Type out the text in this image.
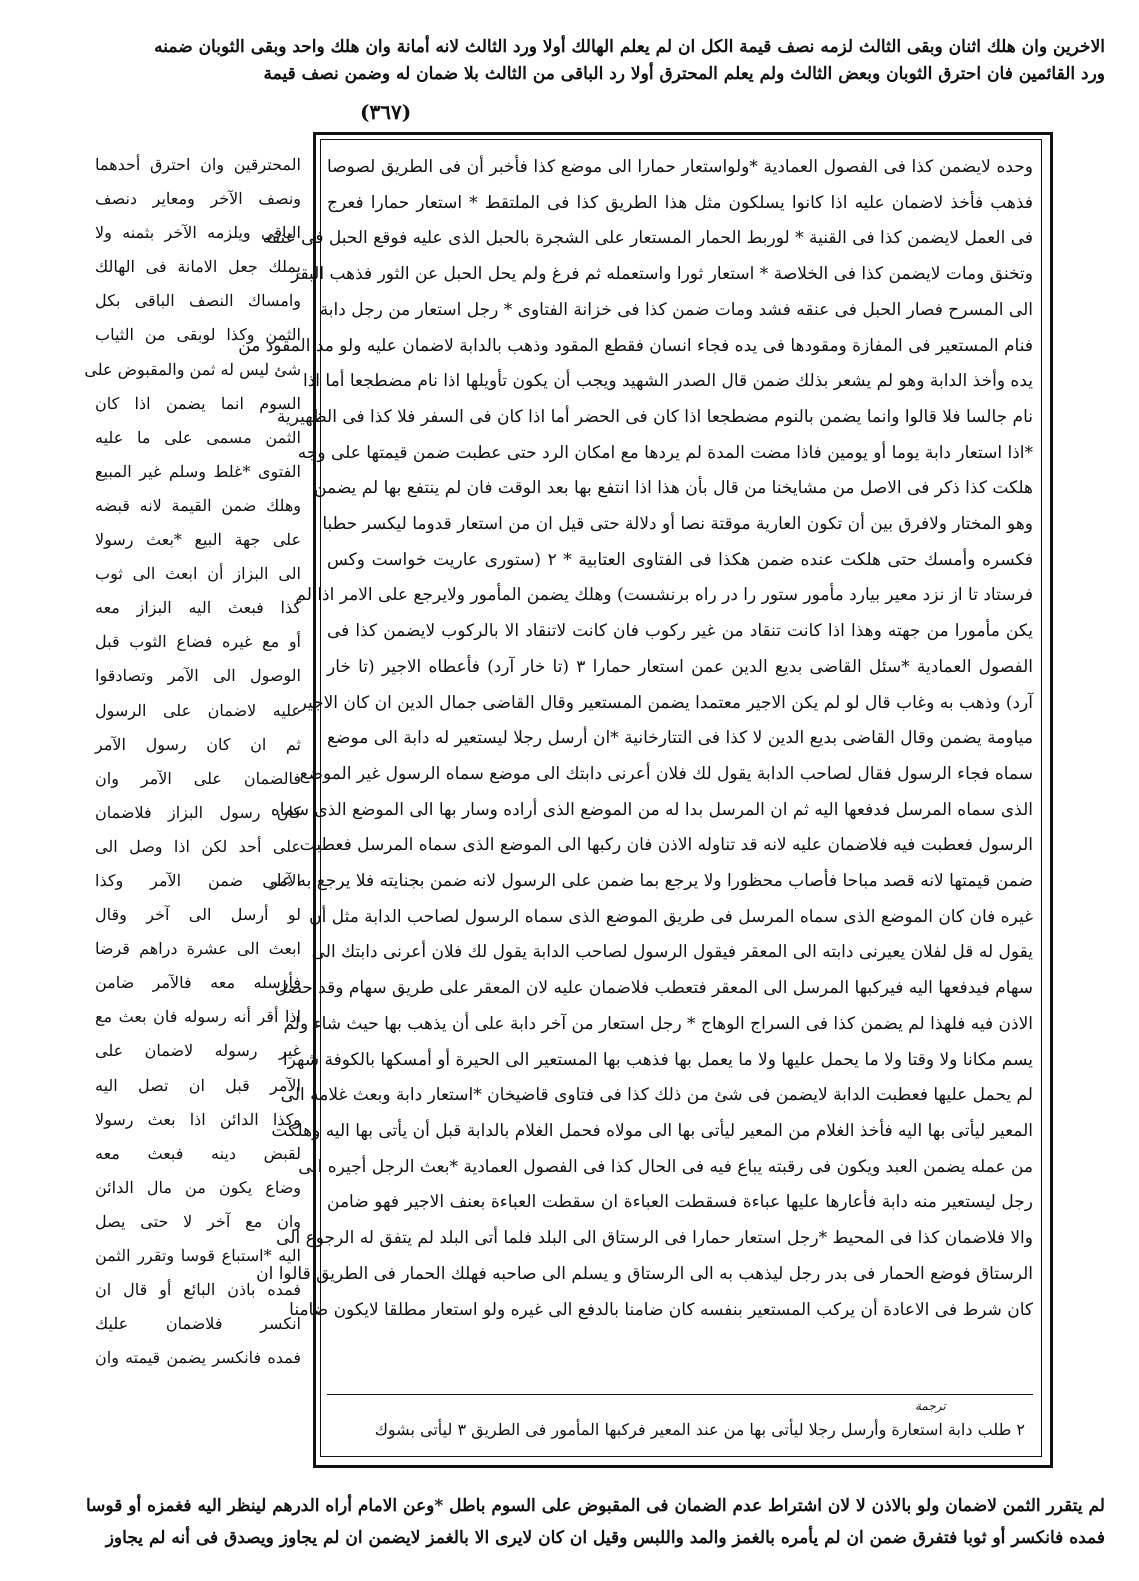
الاخرين وان هلك اثنان وبقى الثالث لزمه نصف قيمة الكل ان لم يعلم الهالك أولا ورد الثالث لانه أمانة وان هلك واحد وبقى الثوبان ضمنه
ورد القائمين فان احترق الثوبان وبعض الثالث ولم يعلم المحترق أولا رد الباقى من الثالث بلا ضمان له وضمن نصف قيمة
(٣٦٧)
وحده لايضمن كذا فى الفصول العمادية *ولواستعار حمارا الى موضع كذا فأخبر أن فى الطريق لصوصا
فذهب فأخذ لاضمان عليه اذا كانوا يسلكون مثل هذا الطريق كذا فى الملتقط * استعار حمارا فعرج
فى العمل لايضمن كذا فى القنية * لوربط الحمار المستعار على الشجرة بالحبل الذى عليه فوقع الحبل فى عنقه
وتخنق ومات لايضمن كذا فى الخلاصة * استعار ثورا واستعمله ثم فرغ ولم يحل الحبل عن الثور فذهب البقر
الى المسرح فصار الحبل فى عنقه فشد ومات ضمن كذا فى خزانة الفتاوى * رجل استعار من رجل دابة
فنام المستعير فى المفازة ومقودها فى يده فجاء انسان فقطع المقود وذهب بالدابة لاضمان عليه ولو مد المقود من
يده وأخذ الدابة وهو لم يشعر بذلك ضمن قال الصدر الشهيد ويجب أن يكون تأويلها اذا نام مضطجعا أما اذا
نام جالسا فلا قالوا وانما يضمن بالنوم مضطجعا اذا كان فى الحضر أما اذا كان فى السفر فلا كذا فى الظهيرية
*اذا استعار دابة يوما أو يومين فاذا مضت المدة لم يردها مع امكان الرد حتى عطبت ضمن قيمتها على وجه
هلكت كذا ذكر فى الاصل من مشايخنا من قال بأن هذا اذا انتفع بها بعد الوقت فان لم ينتفع بها لم يضمن
وهو المختار ولافرق بين أن تكون العارية موقتة نصا أو دلالة حتى قيل ان من استعار قدوما ليكسر حطبا
فكسره وأمسك حتى هلكت عنده ضمن هكذا فى الفتاوى العتابية * ٢ (ستورى عاريت خواست وكس
فرستاد تا از نزد معير بيارد مأمور ستور را در راه برنشست) وهلك يضمن المأمور ولايرجع على الامر اذا لم
يكن مأمورا من جهته وهذا اذا كانت تنقاد من غير ركوب فان كانت لاتنقاد الا بالركوب لايضمن كذا فى
الفصول العمادية *سئل القاضى بديع الدين عمن استعار حمارا ٣ (تا خار آرد) فأعطاه الاجير (تا خار
آرد) وذهب به وغاب قال لو لم يكن الاجير معتمدا يضمن المستعير وقال القاضى جمال الدين ان كان الاجير
مياومة يضمن وقال القاضى بديع الدين لا كذا فى التتارخانية *ان أرسل رجلا ليستعير له دابة الى موضع
سماه فجاء الرسول فقال لصاحب الدابة يقول لك فلان أعرنى دابتك الى موضع سماه الرسول غير الموضع
الذى سماه المرسل فدفعها اليه ثم ان المرسل بدا له من الموضع الذى أراده وسار بها الى الموضع الذى سماه
الرسول فعطبت فيه فلاضمان عليه لانه قد تناوله الاذن فان ركبها الى الموضع الذى سماه المرسل فعطبت
ضمن قيمتها لانه قصد مباحا فأصاب محظورا ولا يرجع بما ضمن على الرسول لانه ضمن بجنايته فلا يرجع به على
غيره فان كان الموضع الذى سماه المرسل فى طريق الموضع الذى سماه الرسول لصاحب الدابة مثل أن
يقول له قل لفلان يعيرنى دابته الى المعقر فيقول الرسول لصاحب الدابة يقول لك فلان أعرنى دابتك الى
سهام فيدفعها اليه فيركبها المرسل الى المعقر فتعطب فلاضمان عليه لان المعقر على طريق سهام وقد حصل
الاذن فيه فلهذا لم يضمن كذا فى السراج الوهاج * رجل استعار من آخر دابة على أن يذهب بها حيث شاء ولم
يسم مكانا ولا وقتا ولا ما يحمل عليها ولا ما يعمل بها فذهب بها المستعير الى الحيرة أو أمسكها بالكوفة شهرا
لم يحمل عليها فعطبت الدابة لايضمن فى شئ من ذلك كذا فى فتاوى قاضيخان *استعار دابة وبعث غلامه الى
المعير ليأتى بها اليه فأخذ الغلام من المعير ليأتى بها الى مولاه فحمل الغلام بالدابة قبل أن يأتى بها اليه وهلكت
من عمله يضمن العبد ويكون فى رقبته يباع فيه فى الحال كذا فى الفصول العمادية *بعث الرجل أجيره الى
رجل ليستعير منه دابة فأعارها عليها عباءة فسقطت العباءة ان سقطت العباءة بعنف الاجير فهو ضامن
والا فلاضمان كذا فى المحيط *رجل استعار حمارا فى الرستاق الى البلد فلما أتى البلد لم يتفق له الرجوع الى
الرستاق فوضع الحمار فى بدر رجل ليذهب به الى الرستاق و يسلم الى صاحبه فهلك الحمار فى الطريق قالوا ان
كان شرط فى الاعادة أن يركب المستعير بنفسه كان ضامنا بالدفع الى غيره ولو استعار مطلقا لايكون ضامنا
ترجمة
٢ طلب دابة استعارة وأرسل رجلا ليأتى بها من عند المعير فركبها المأمور فى الطريق ٣ ليأتى بشوك
المحترقين وان احترق أحدهما
ونصف الآخر ومعاير دنصف
الباقى ويلزمه الآخر بثمنه ولا
يملك جعل الامانة فى الهالك
وامساك النصف الباقى بكل
الثمن وكذا لوبقى من الثياب
شئ ليس له ثمن والمقبوض على
السوم انما يضمن اذا كان
الثمن مسمى على ما عليه
الفتوى *غلط وسلم غير المبيع
وهلك ضمن القيمة لانه قبضه
على جهة البيع *بعث رسولا
الى البزاز أن ابعث الى ثوب
كذا فبعث اليه البزاز معه
أو مع غيره فضاع الثوب قبل
الوصول الى الآمر وتصادقوا
عليه لاضمان على الرسول
ثم ان كان رسول الآمر
فالضمان على الآمر وان
كان رسول البزاز فلاضمان
على أحد لكن اذا وصل الى
الآمر ضمن الآمر وكذا
لو أرسل الى آخر وقال
ابعث الى عشرة دراهم قرضا
فأرسله معه فالآمر ضامن
اذا أقر أنه رسوله فان بعث مع
غير رسوله لاضمان على
الآمر قبل ان تصل اليه
وكذا الدائن اذا بعث رسولا
لقبض دينه فبعث معه
وضاع يكون من مال الدائن
وان مع آخر لا حتى يصل
اليه *استباع قوسا وتقرر الثمن
فمده باذن البائع أو قال ان
انكسر فلاضمان عليك
فمده فانكسر يضمن قيمته وان
لم يتقرر الثمن لاضمان ولو بالاذن لا لان اشتراط عدم الضمان فى المقبوض على السوم باطل *وعن الامام أراه الدرهم لينظر اليه فغمزه أو قوسا
فمده فانكسر أو ثوبا فتفرق ضمن ان لم يأمره بالغمز والمد واللبس وقيل ان كان لايرى الا بالغمز لايضمن ان لم يجاوز ويصدق فى أنه لم يجاوز
